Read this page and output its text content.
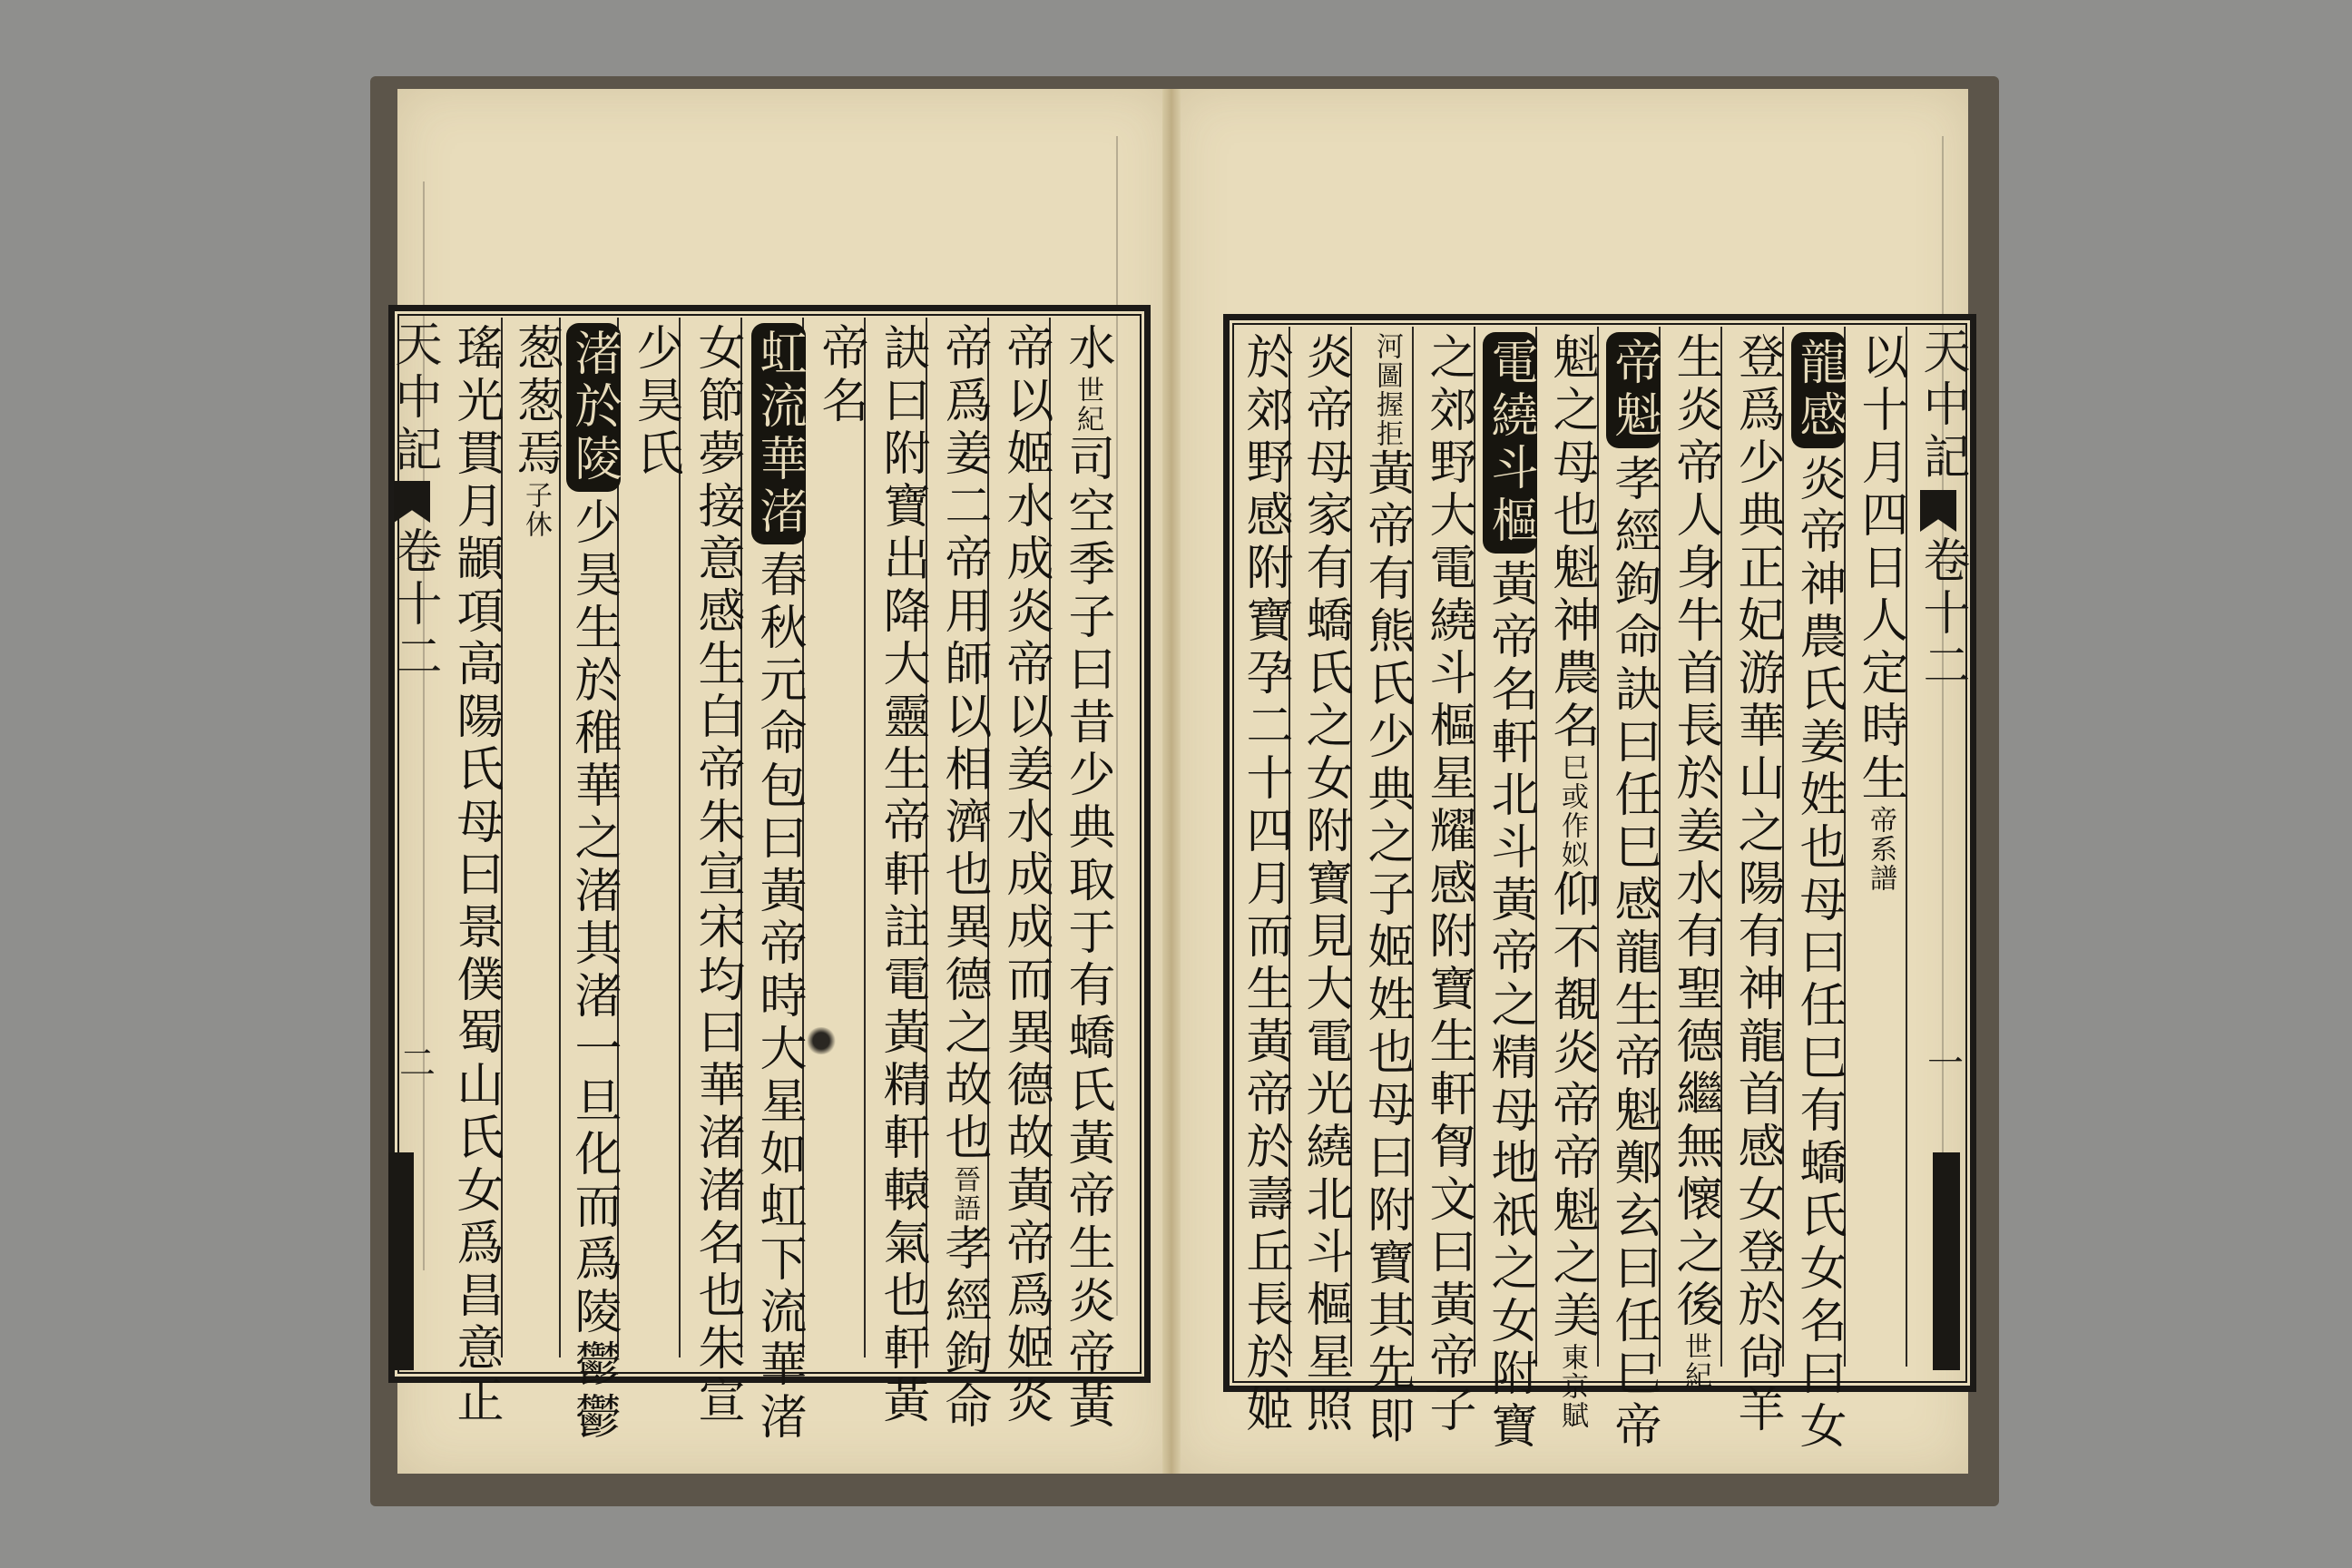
天中記
卷十二
二
水世紀司空季子曰昔少典取于有蟜氏黃帝生炎帝黃
帝以姬水成炎帝以姜水成成而異德故黃帝爲姬炎
帝爲姜二帝用師以相濟也異德之故也晉語孝經鉤命
訣曰附寶出降大靈生帝軒註電黃精軒轅氣也軒黃
帝名
虹流華渚春秋元命包曰黃帝時大星如虹下流華渚
女節夢接意感生白帝朱宣宋均曰華渚渚名也朱宣
少昊氏
渚於陵少昊生於稚華之渚其渚一旦化而爲陵鬱鬱
葱葱焉子休
瑤光貫月顓項高陽氏母曰景僕蜀山氏女爲昌意正	天中記
卷十二
一
以十月四日人定時生帝系譜
龍感炎帝神農氏姜姓也母曰任巳有蟜氏女名曰女
登爲少典正妃游華山之陽有神龍首感女登於尙羊
生炎帝人身牛首長於姜水有聖德繼無懷之後世紀
帝魁孝經鉤命訣曰任巳感龍生帝魁鄭玄曰任巳帝
魁之母也魁神農名巳或作姒仰不覩炎帝帝魁之美東京賦
電繞斗樞黃帝名軒北斗黃帝之精母地祇之女附寶
之郊野大電繞斗樞星耀感附寶生軒胷文曰黃帝子
河圖握拒黃帝有熊氏少典之子姬姓也母曰附寶其先即
炎帝母家有蟜氏之女附寶見大電光繞北斗樞星照
於郊野感附寶孕二十四月而生黃帝於壽丘長於姬
